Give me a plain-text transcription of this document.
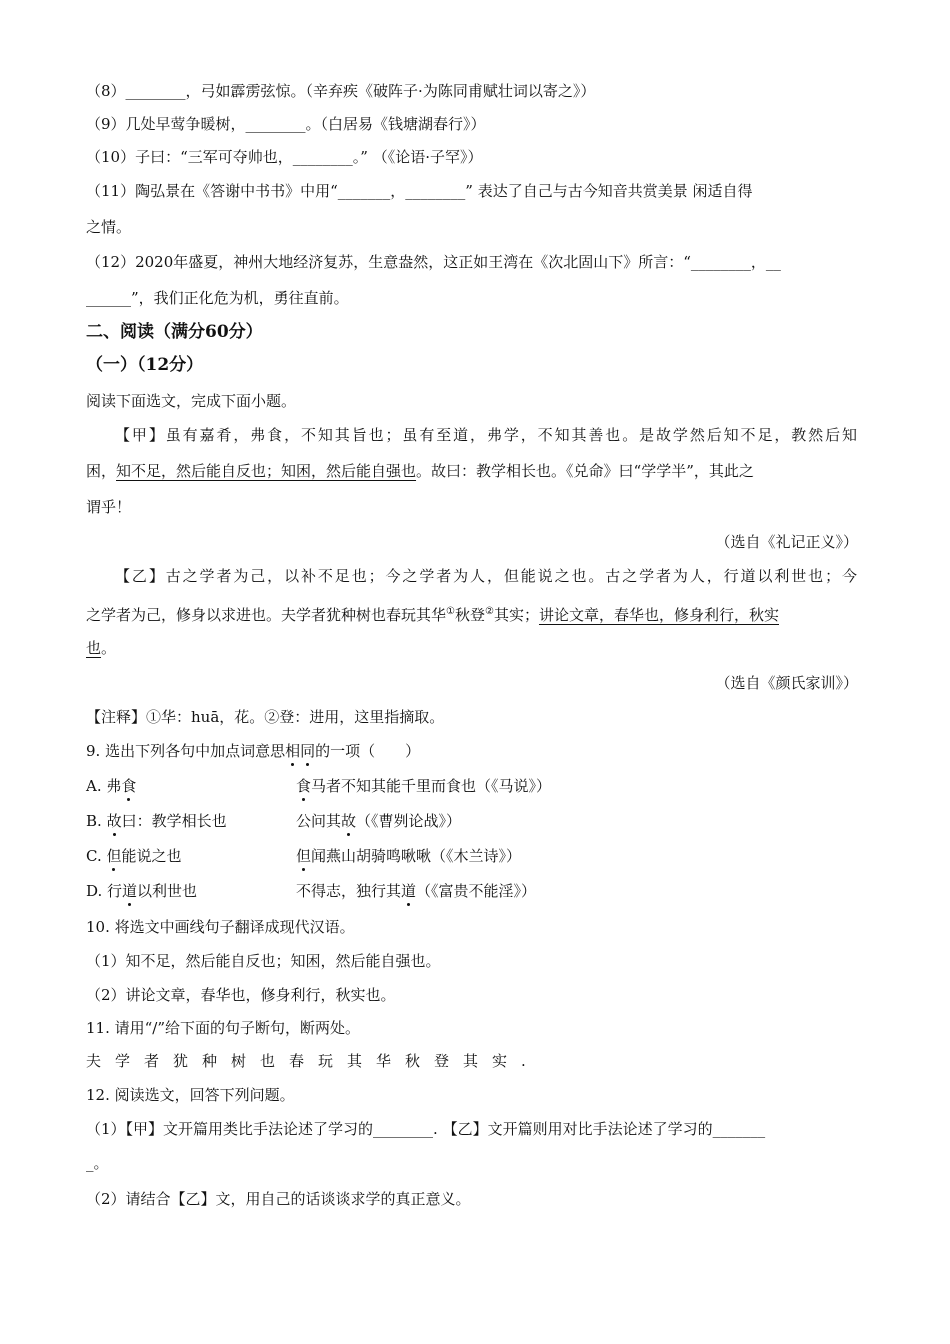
（8）________，弓如霹雳弦惊。（辛弃疾《破阵子·为陈同甫赋壮词以寄之》）
（9）几处早莺争暖树，________。（白居易《钱塘湖春行》）
（10）子曰：“三军可夺帅也，________。” （《论语·子罕》）
（11）陶弘景在《答谢中书书》中用“_______，________” 表达了自己与古今知音共赏美景 闲适自得
之情。
（12）2020年盛夏，神州大地经济复苏，生意盎然，这正如王湾在《次北固山下》所言：“________，__
______”，我们正化危为机，勇往直前。
二、阅读（满分60分）
（一）（12分）
阅读下面选文，完成下面小题。
【甲】虽有嘉肴，弗食，不知其旨也；虽有至道，弗学，不知其善也。是故学然后知不足，教然后知
困，知不足，然后能自反也；知困，然后能自强也。故曰：教学相长也。《兑命》曰“学学半”，其此之
谓乎！
（选自《礼记正义》）
【乙】古之学者为己，以补不足也；今之学者为人，但能说之也。古之学者为人，行道以利世也；今
之学者为己，修身以求进也。夫学者犹种树也春玩其华①秋登②其实；讲论文章，春华也，修身利行，秋实
也。
（选自《颜氏家训》）
【注释】①华：huā，花。②登：进用，这里指摘取。
9. 选出下列各句中加点词意思相同的一项（　　）
A. 弗食	食马者不知其能千里而食也（《马说》）
B. 故曰：教学相长也	公问其故（《曹刿论战》）
C. 但能说之也	但闻燕山胡骑鸣啾啾（《木兰诗》）
D. 行道以利世也	不得志，独行其道（《富贵不能淫》）
10. 将选文中画线句子翻译成现代汉语。
（1）知不足，然后能自反也；知困，然后能自强也。
（2）讲论文章，春华也，修身利行，秋实也。
11. 请用“/”给下面的句子断句，断两处。
夫学者犹种树也春玩其华秋登其实.
12. 阅读选文，回答下列问题。
（1）【甲】文开篇用类比手法论述了学习的________. 【乙】文开篇则用对比手法论述了学习的_______
_。
（2）请结合【乙】文，用自己的话谈谈求学的真正意义。
